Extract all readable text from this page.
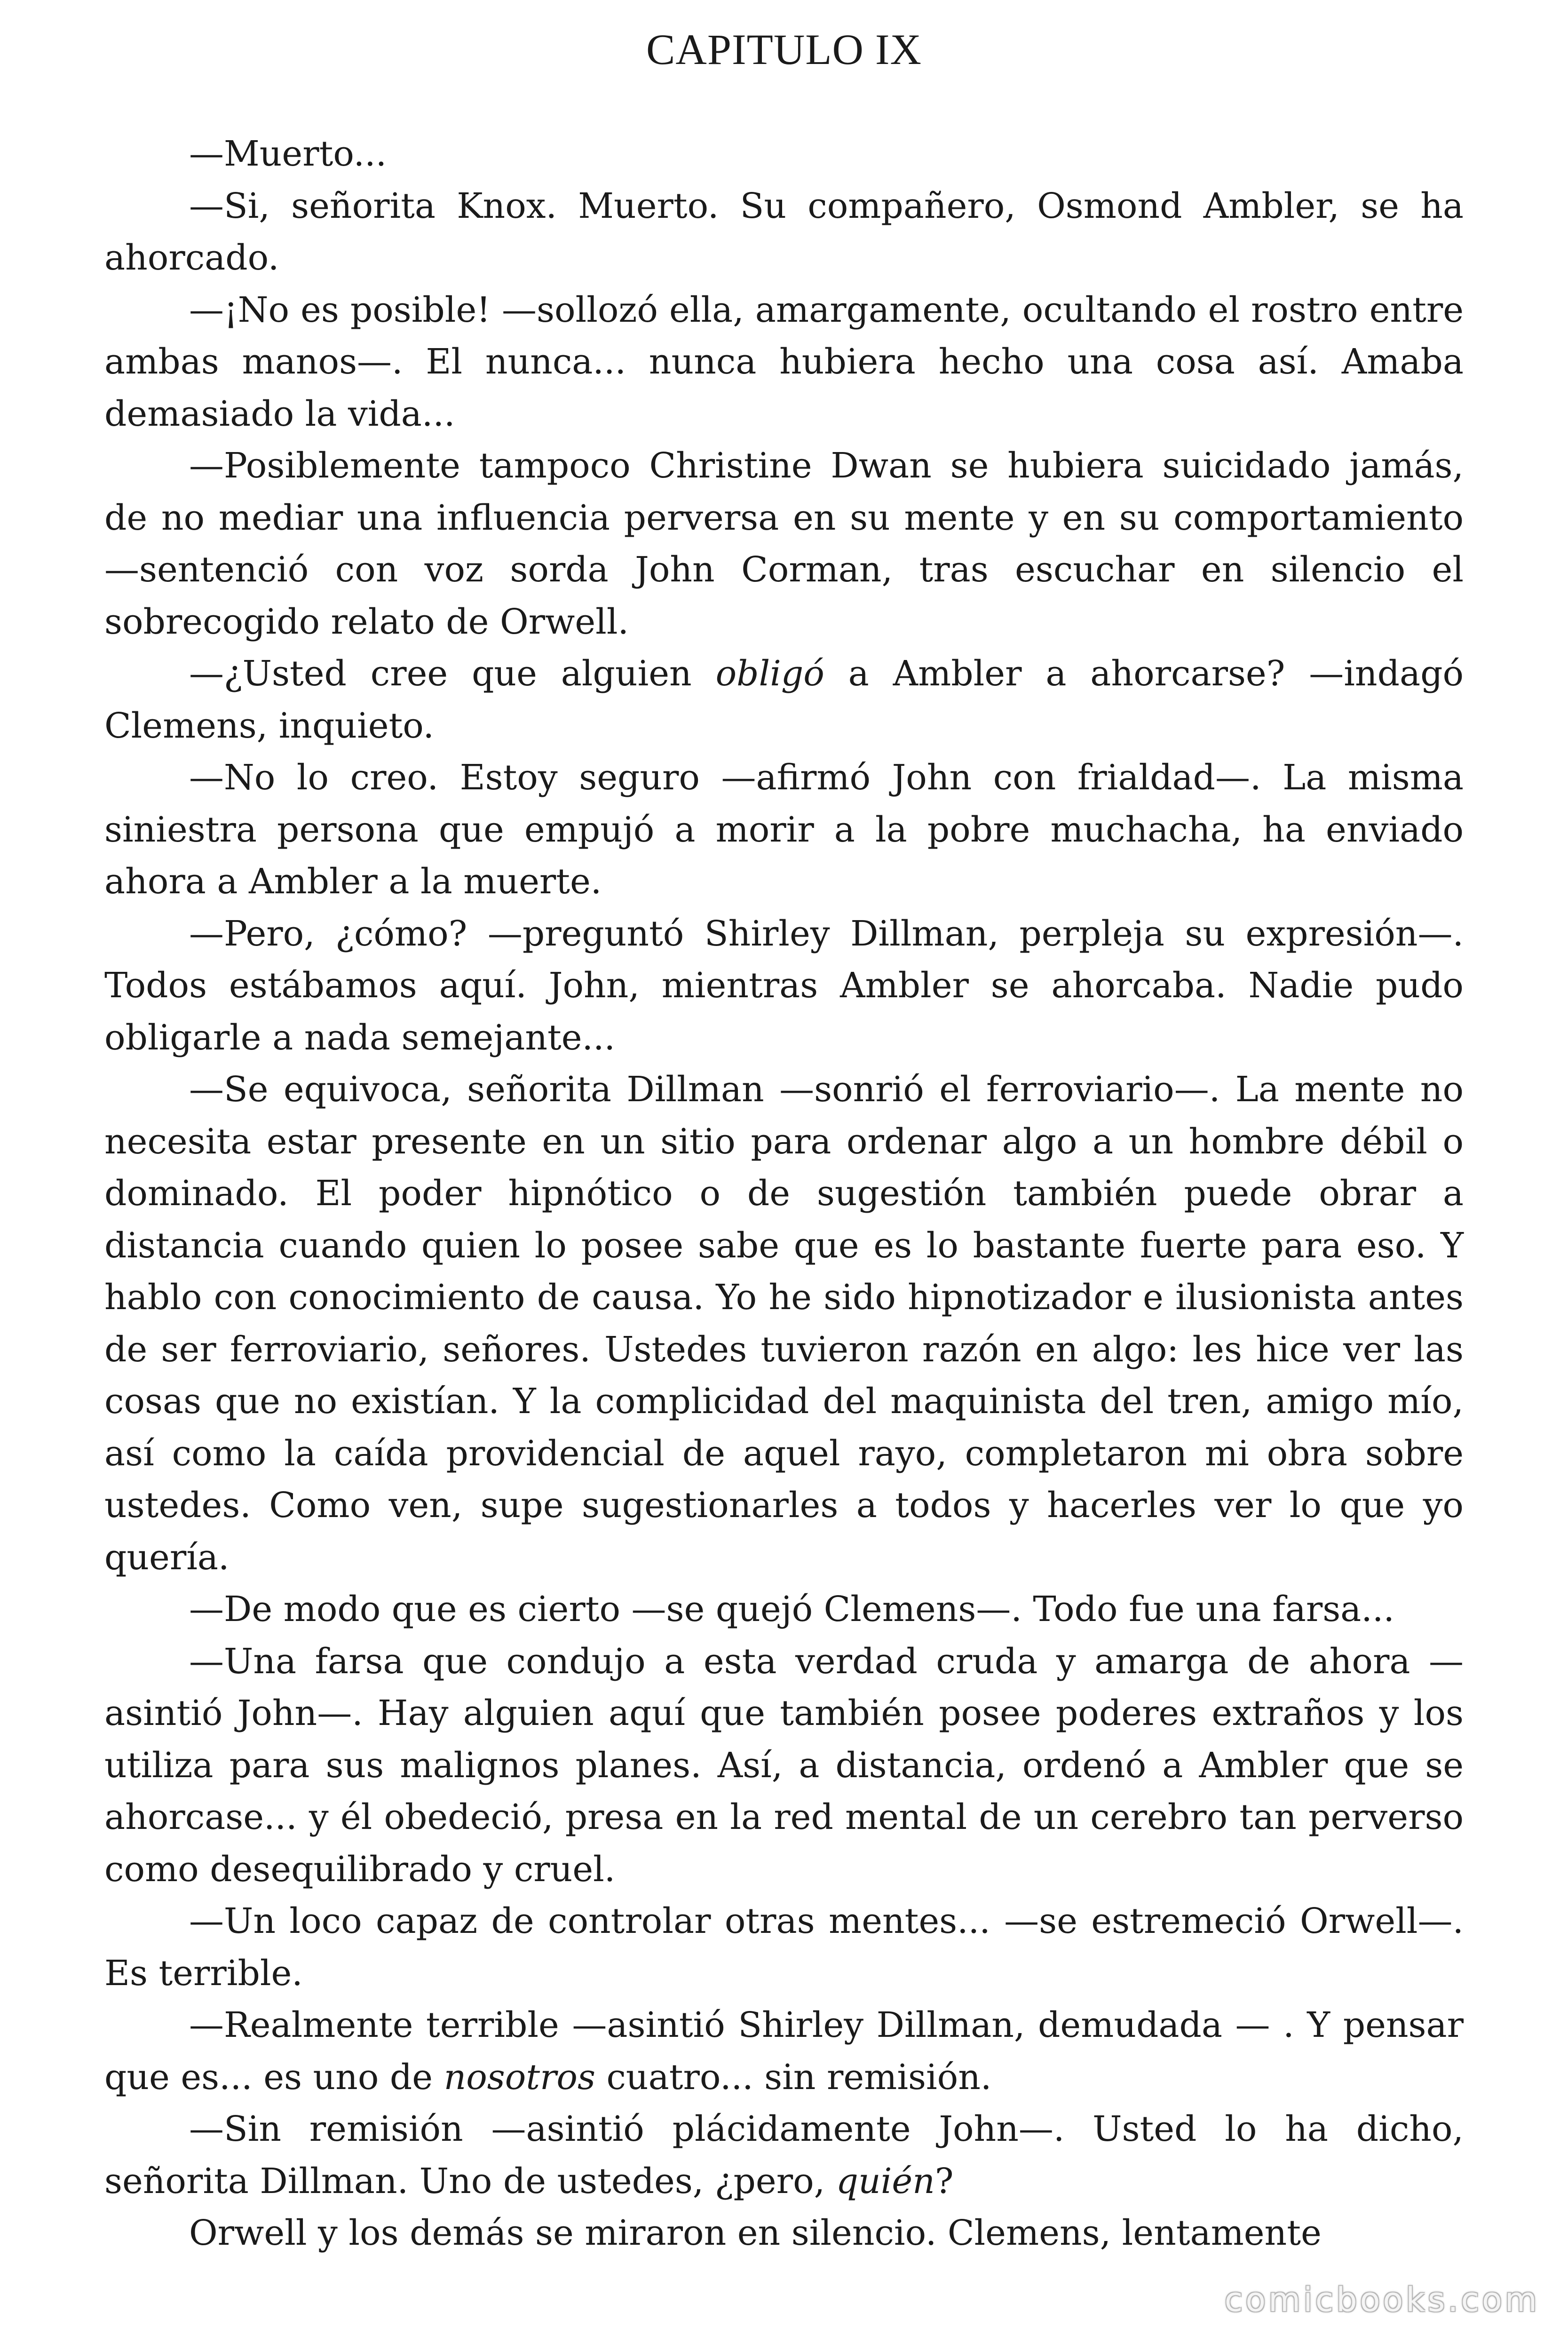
CAPITULO IX

—Muerto...

—Si, señorita Knox. Muerto. Su compañero, Osmond Ambler, se ha ahorcado.

—¡No es posible! —sollozó ella, amargamente, ocultando el rostro entre ambas manos—. El nunca... nunca hubiera hecho una cosa así. Amaba demasiado la vida...

—Posiblemente tampoco Christine Dwan se hubiera suicidado jamás, de no mediar una influencia perversa en su mente y en su comportamiento —sentenció con voz sorda John Corman, tras escuchar en silencio el sobrecogido relato de Orwell.

—¿Usted cree que alguien obligó a Ambler a ahorcarse? —indagó Clemens, inquieto.

—No lo creo. Estoy seguro —afirmó John con frialdad—. La misma siniestra persona que empujó a morir a la pobre muchacha, ha enviado ahora a Ambler a la muerte.

—Pero, ¿cómo? —preguntó Shirley Dillman, perpleja su expresión—. Todos estábamos aquí. John, mientras Ambler se ahorcaba. Nadie pudo obligarle a nada semejante...

—Se equivoca, señorita Dillman —sonrió el ferroviario—. La mente no necesita estar presente en un sitio para ordenar algo a un hombre débil o dominado. El poder hipnótico o de sugestión también puede obrar a distancia cuando quien lo posee sabe que es lo bastante fuerte para eso. Y hablo con conocimiento de causa. Yo he sido hipnotizador e ilusionista antes de ser ferroviario, señores. Ustedes tuvieron razón en algo: les hice ver las cosas que no existían. Y la complicidad del maquinista del tren, amigo mío, así como la caída providencial de aquel rayo, completaron mi obra sobre ustedes. Como ven, supe sugestionarles a todos y hacerles ver lo que yo quería.

—De modo que es cierto —se quejó Clemens—. Todo fue una farsa...

—Una farsa que condujo a esta verdad cruda y amarga de ahora —asintió John—. Hay alguien aquí que también posee poderes extraños y los utiliza para sus malignos planes. Así, a distancia, ordenó a Ambler que se ahorcase... y él obedeció, presa en la red mental de un cerebro tan perverso como desequilibrado y cruel.

—Un loco capaz de controlar otras mentes... —se estremeció Orwell—. Es terrible.

—Realmente terrible —asintió Shirley Dillman, demudada — . Y pensar que es... es uno de nosotros cuatro... sin remisión.

—Sin remisión —asintió plácidamente John—. Usted lo ha dicho, señorita Dillman. Uno de ustedes, ¿pero, quién?

Orwell y los demás se miraron en silencio. Clemens, lentamente

comicbooks.com
